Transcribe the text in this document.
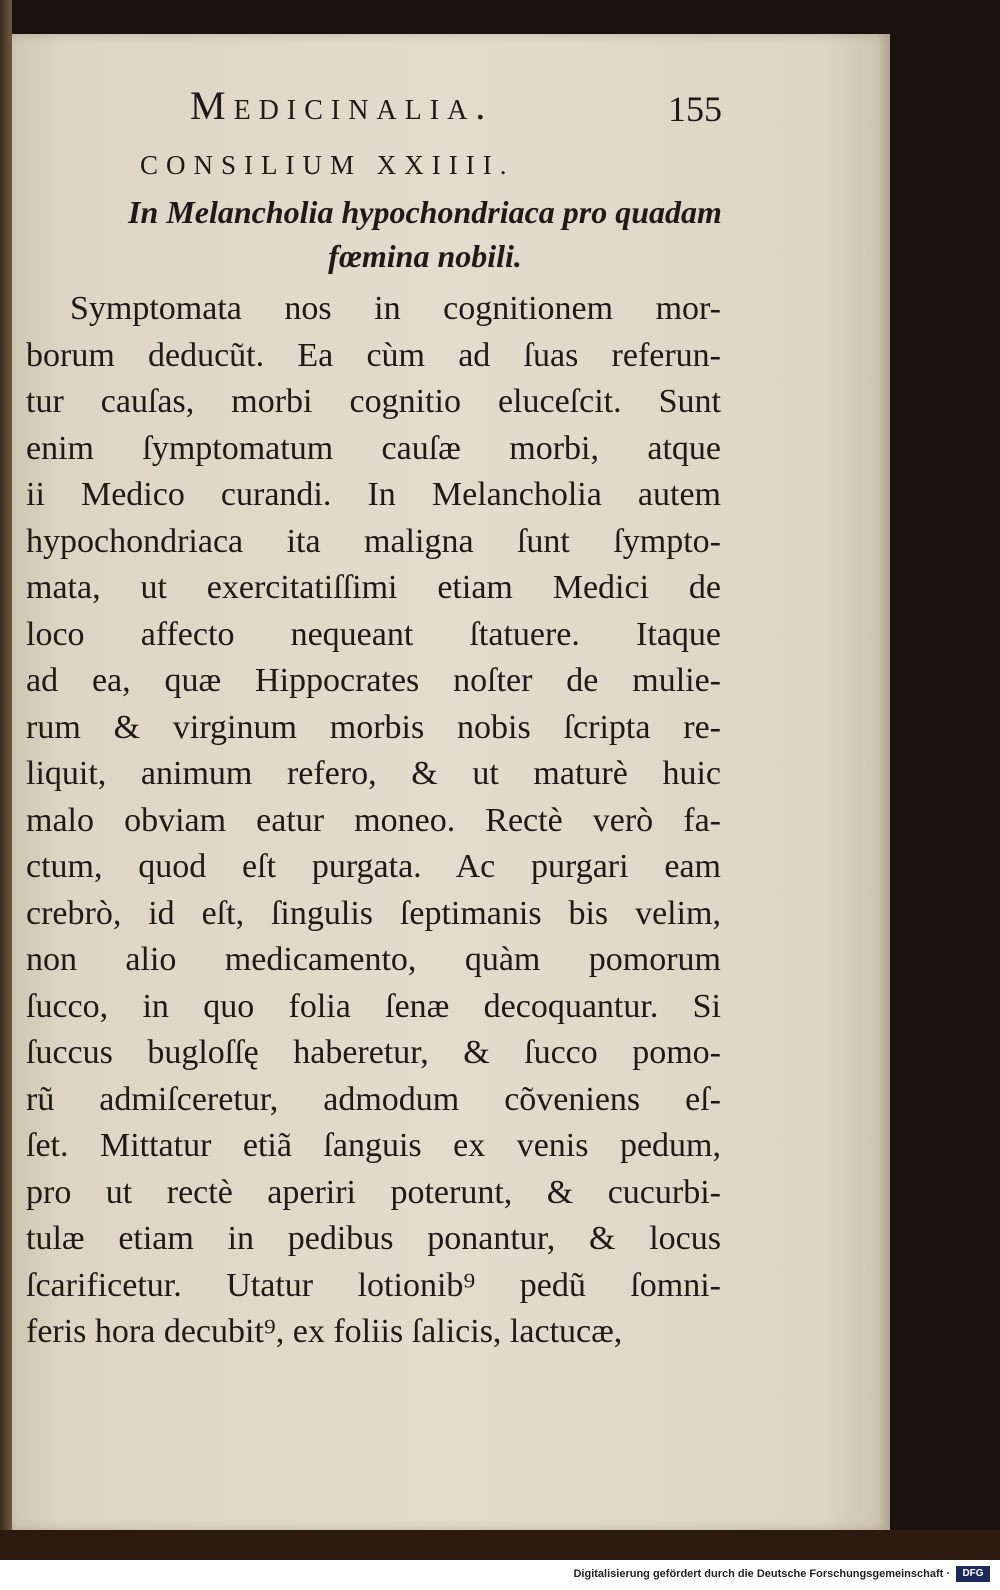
Medicinalia.	155
CONSILIUM XXIIII.
In Melancholia hypochondriaca pro quadam
fœmina nobili.
Symptomata nos in cognitionem mor-
borum deducũt. Ea cùm ad ſuas referun-
tur cauſas, morbi cognitio eluceſcit. Sunt
enim ſymptomatum cauſæ morbi, atque
ii Medico curandi. In Melancholia autem
hypochondriaca ita maligna ſunt ſympto-
mata, ut exercitatiſſimi etiam Medici de
loco affecto nequeant ſtatuere. Itaque
ad ea, quæ Hippocrates noſter de mulie-
rum & virginum morbis nobis ſcripta re-
liquit, animum refero, & ut maturè huic
malo obviam eatur moneo. Rectè verò fa-
ctum, quod eſt purgata. Ac purgari eam
crebrò, id eſt, ſingulis ſeptimanis bis velim,
non alio medicamento, quàm pomorum
ſucco, in quo folia ſenæ decoquantur. Si
ſuccus bugloſſę haberetur, & ſucco pomo-
rũ admiſceretur, admodum cõveniens eſ-
ſet. Mittatur etiã ſanguis ex venis pedum,
pro ut rectè aperiri poterunt, & cucurbi-
tulæ etiam in pedibus ponantur, & locus
ſcarificetur. Utatur lotionib⁹ pedũ ſomni-
feris hora decubit⁹, ex foliis ſalicis, lactucæ,
Digitalisierung gefördert durch die Deutsche Forschungsgemeinschaft ·	DFG
